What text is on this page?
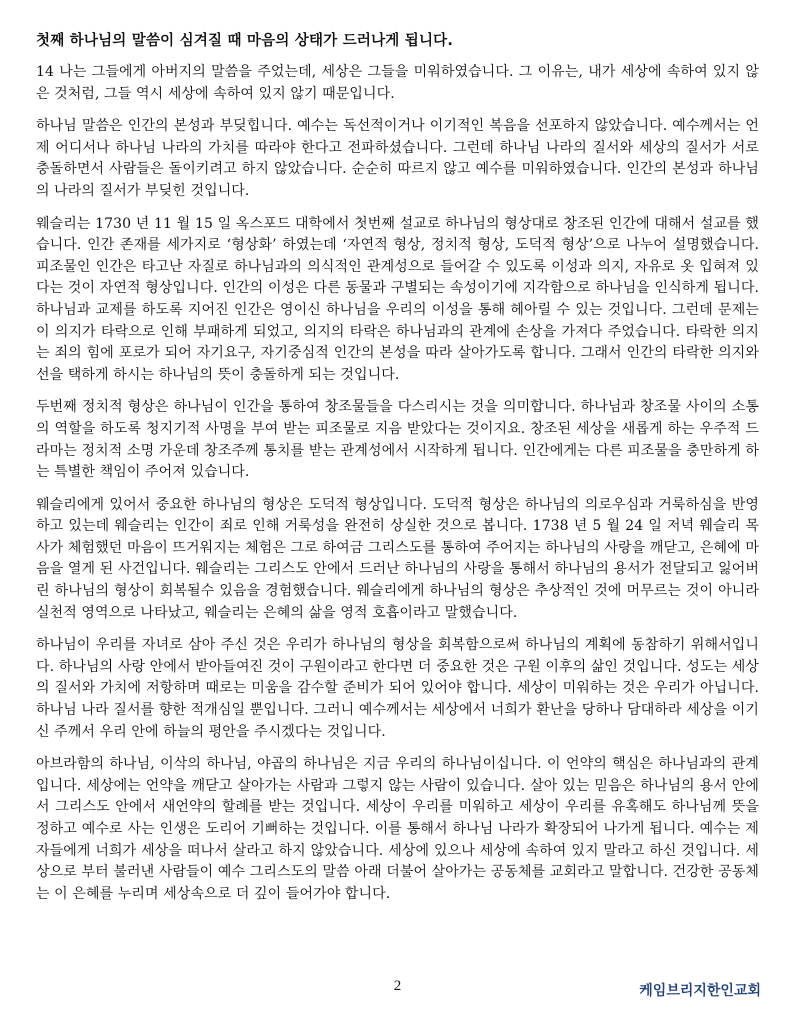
첫째 하나님의 말씀이 심겨질 때 마음의 상태가 드러나게 됩니다.

14 나는 그들에게 아버지의 말씀을 주었는데, 세상은 그들을 미워하였습니다. 그 이유는, 내가 세상에 속하여 있지 않은 것처럼, 그들 역시 세상에 속하여 있지 않기 때문입니다.

하나님 말씀은 인간의 본성과 부딪힙니다. 예수는 독선적이거나 이기적인 복음을 선포하지 않았습니다. 예수께서는 언제 어디서나 하나님 나라의 가치를 따라야 한다고 전파하셨습니다. 그런데 하나님 나라의 질서와 세상의 질서가 서로 충돌하면서 사람들은 돌이키려고 하지 않았습니다. 순순히 따르지 않고 예수를 미워하였습니다. 인간의 본성과 하나님의 나라의 질서가 부딪힌 것입니다.

웨슬리는 1730 년 11 월 15 일 옥스포드 대학에서 첫번째 설교로 하나님의 형상대로 창조된 인간에 대해서 설교를 했습니다. 인간 존재를 세가지로 ‘형상화’ 하였는데 ‘자연적 형상, 정치적 형상, 도덕적 형상’으로 나누어 설명했습니다. 피조물인 인간은 타고난 자질로 하나님과의 의식적인 관계성으로 들어갈 수 있도록 이성과 의지, 자유로 옷 입혀져 있다는 것이 자연적 형상입니다. 인간의 이성은 다른 동물과 구별되는 속성이기에 지각함으로 하나님을 인식하게 됩니다. 하나님과 교제를 하도록 지어진 인간은 영이신 하나님을 우리의 이성을 통해 헤아릴 수 있는 것입니다. 그런데 문제는 이 의지가 타락으로 인해 부패하게 되었고, 의지의 타락은 하나님과의 관계에 손상을 가져다 주었습니다. 타락한 의지는 죄의 힘에 포로가 되어 자기요구, 자기중심적 인간의 본성을 따라 살아가도록 합니다. 그래서 인간의 타락한 의지와 선을 택하게 하시는 하나님의 뜻이 충돌하게 되는 것입니다.

두번째 정치적 형상은 하나님이 인간을 통하여 창조물들을 다스리시는 것을 의미합니다. 하나님과 창조물 사이의 소통의 역할을 하도록 청지기적 사명을 부여 받는 피조물로 지음 받았다는 것이지요. 창조된 세상을 새롭게 하는 우주적 드라마는 정치적 소명 가운데 창조주께 통치를 받는 관계성에서 시작하게 됩니다. 인간에게는 다른 피조물을 충만하게 하는 특별한 책임이 주어져 있습니다.

웨슬리에게 있어서 중요한 하나님의 형상은 도덕적 형상입니다. 도덕적 형상은 하나님의 의로우심과 거룩하심을 반영하고 있는데 웨슬리는 인간이 죄로 인해 거룩성을 완전히 상실한 것으로 봅니다. 1738 년 5 월 24 일 저녁 웨슬리 목사가 체험했던 마음이 뜨거워지는 체험은 그로 하여금 그리스도를 통하여 주어지는 하나님의 사랑을 깨닫고, 은혜에 마음을 열게 된 사건입니다. 웨슬리는 그리스도 안에서 드러난 하나님의 사랑을 통해서 하나님의 용서가 전달되고 잃어버린 하나님의 형상이 회복될수 있음을 경험했습니다. 웨슬리에게 하나님의 형상은 추상적인 것에 머무르는 것이 아니라 실천적 영역으로 나타났고, 웨슬리는 은혜의 삶을 영적 호흡이라고 말했습니다.

하나님이 우리를 자녀로 삼아 주신 것은 우리가 하나님의 형상을 회복함으로써 하나님의 계획에 동참하기 위해서입니다. 하나님의 사랑 안에서 받아들여진 것이 구원이라고 한다면 더 중요한 것은 구원 이후의 삶인 것입니다. 성도는 세상의 질서와 가치에 저항하며 때로는 미움을 감수할 준비가 되어 있어야 합니다. 세상이 미워하는 것은 우리가 아닙니다. 하나님 나라 질서를 향한 적개심일 뿐입니다. 그러니 예수께서는 세상에서 너희가 환난을 당하나 담대하라 세상을 이기신 주께서 우리 안에 하늘의 평안을 주시겠다는 것입니다.

아브라함의 하나님, 이삭의 하나님, 야곱의 하나님은 지금 우리의 하나님이십니다. 이 언약의 핵심은 하나님과의 관계입니다. 세상에는 언약을 깨닫고 살아가는 사람과 그렇지 않는 사람이 있습니다. 살아 있는 믿음은 하나님의 용서 안에서 그리스도 안에서 새언약의 할례를 받는 것입니다. 세상이 우리를 미워하고 세상이 우리를 유혹해도 하나님께 뜻을 정하고 예수로 사는 인생은 도리어 기뻐하는 것입니다. 이를 통해서 하나님 나라가 확장되어 나가게 됩니다. 예수는 제자들에게 너희가 세상을 떠나서 살라고 하지 않았습니다. 세상에 있으나 세상에 속하여 있지 말라고 하신 것입니다. 세상으로 부터 불러낸 사람들이 예수 그리스도의 말씀 아래 더불어 살아가는 공동체를 교회라고 말합니다. 건강한 공동체는 이 은혜를 누리며 세상속으로 더 깊이 들어가야 합니다.

2	케임브리지한인교회
